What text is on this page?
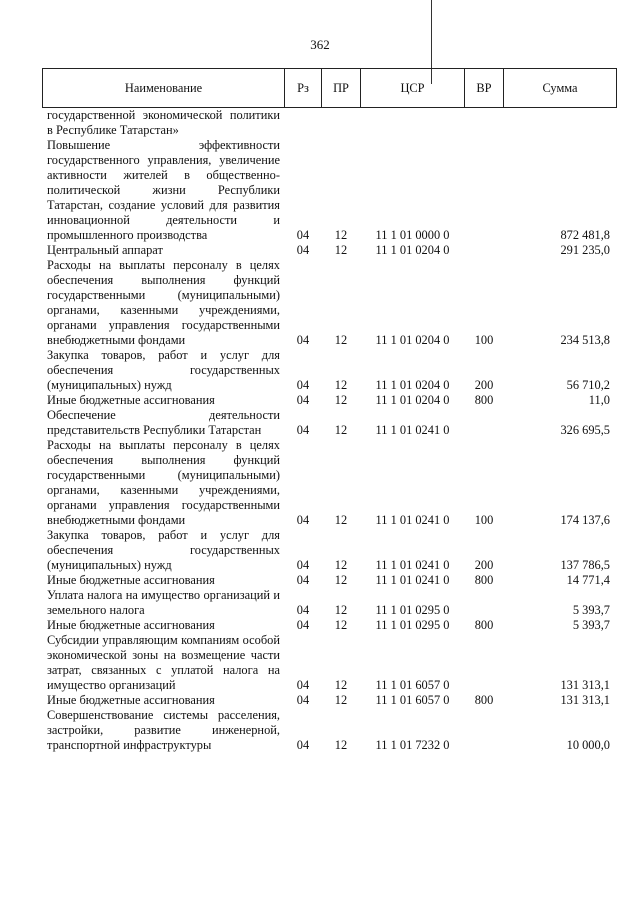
362
Наименование	Рз	ПР	ЦСР	ВР	Сумма
государственной экономической политики в Республике Татарстан»					
Повышение эффективности государственного управления, увеличение активности жителей в общественно-политической жизни Республики Татарстан, создание условий для развития инновационной деятельности и промышленного производства	04	12	11 1 01 0000 0		872 481,8
Центральный аппарат	04	12	11 1 01 0204 0		291 235,0
Расходы на выплаты персоналу в целях обеспечения выполнения функций государственными (муниципальными) органами, казенными учреждениями, органами управления государственными внебюджетными фондами	04	12	11 1 01 0204 0	100	234 513,8
Закупка товаров, работ и услуг для обеспечения государственных (муниципальных) нужд	04	12	11 1 01 0204 0	200	56 710,2
Иные бюджетные ассигнования	04	12	11 1 01 0204 0	800	11,0
Обеспечение деятельности представительств Республики Татарстан	04	12	11 1 01 0241 0		326 695,5
Расходы на выплаты персоналу в целях обеспечения выполнения функций государственными (муниципальными) органами, казенными учреждениями, органами управления государственными внебюджетными фондами	04	12	11 1 01 0241 0	100	174 137,6
Закупка товаров, работ и услуг для обеспечения государственных (муниципальных) нужд	04	12	11 1 01 0241 0	200	137 786,5
Иные бюджетные ассигнования	04	12	11 1 01 0241 0	800	14 771,4
Уплата налога на имущество организаций и земельного налога	04	12	11 1 01 0295 0		5 393,7
Иные бюджетные ассигнования	04	12	11 1 01 0295 0	800	5 393,7
Субсидии управляющим компаниям особой экономической зоны на возмещение части затрат, связанных с уплатой налога на имущество организаций	04	12	11 1 01 6057 0		131 313,1
Иные бюджетные ассигнования	04	12	11 1 01 6057 0	800	131 313,1
Совершенствование системы расселения, застройки, развитие инженерной, транспортной инфраструктуры	04	12	11 1 01 7232 0		10 000,0
